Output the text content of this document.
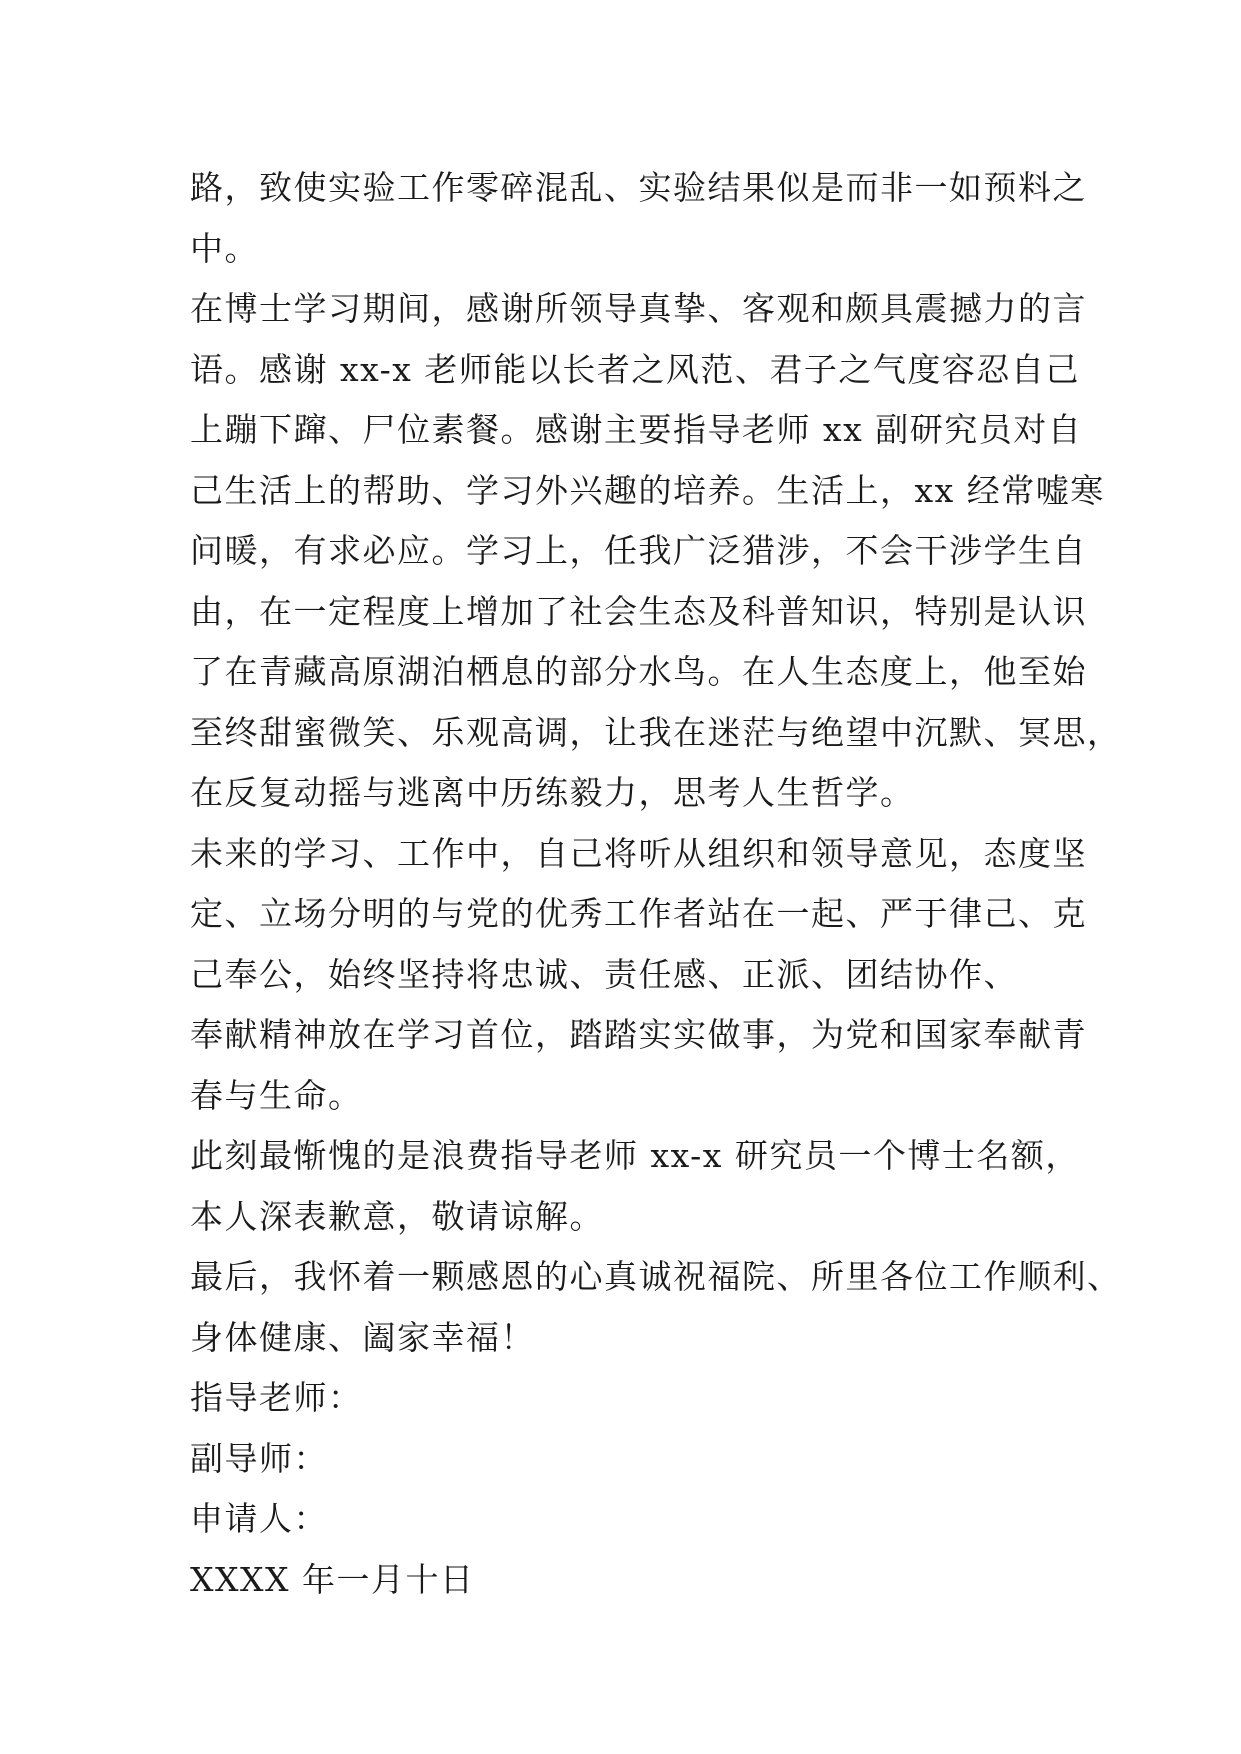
路，致使实验工作零碎混乱、实验结果似是而非一如预料之
中。
在博士学习期间，感谢所领导真挚、客观和颇具震撼力的言
语。感谢 xx-x 老师能以长者之风范、君子之气度容忍自己
上蹦下蹿、尸位素餐。感谢主要指导老师 xx 副研究员对自
己生活上的帮助、学习外兴趣的培养。生活上，xx 经常嘘寒
问暖，有求必应。学习上，任我广泛猎涉，不会干涉学生自
由，在一定程度上增加了社会生态及科普知识，特别是认识
了在青藏高原湖泊栖息的部分水鸟。在人生态度上，他至始
至终甜蜜微笑、乐观高调，让我在迷茫与绝望中沉默、冥思，
在反复动摇与逃离中历练毅力，思考人生哲学。
未来的学习、工作中，自己将听从组织和领导意见，态度坚
定、立场分明的与党的优秀工作者站在一起、严于律己、克
己奉公，始终坚持将忠诚、责任感、正派、团结协作、
奉献精神放在学习首位，踏踏实实做事，为党和国家奉献青
春与生命。
此刻最惭愧的是浪费指导老师 xx-x 研究员一个博士名额，
本人深表歉意，敬请谅解。
最后，我怀着一颗感恩的心真诚祝福院、所里各位工作顺利、
身体健康、阖家幸福！
指导老师：
副导师：
申请人：
XXXX 年一月十日
